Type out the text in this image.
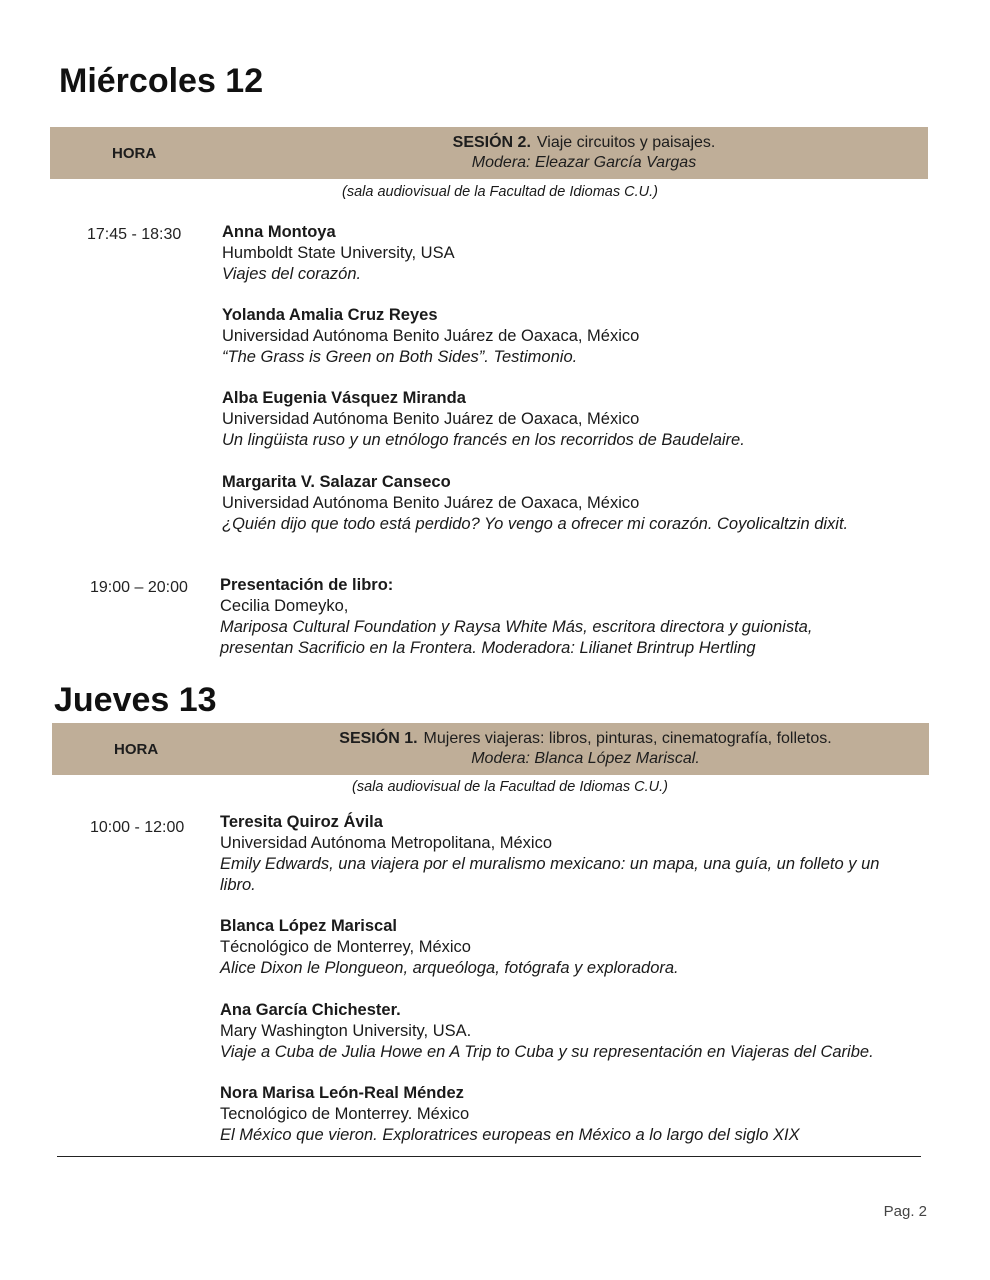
Miércoles 12
HORA
SESIÓN 2. Viaje circuitos y paisajes.
Modera: Eleazar García Vargas
(sala audiovisual de la Facultad de Idiomas C.U.)
17:45 - 18:30 Anna Montoya
Humboldt State University, USA
Viajes del corazón.
Yolanda Amalia Cruz Reyes
Universidad Autónoma Benito Juárez de Oaxaca, México
“The Grass is Green on Both Sides”. Testimonio.
Alba Eugenia Vásquez Miranda
Universidad Autónoma Benito Juárez de Oaxaca, México
Un lingüista ruso y un etnólogo francés en los recorridos de Baudelaire.
Margarita V. Salazar Canseco
Universidad Autónoma Benito Juárez de Oaxaca, México
¿Quién dijo que todo está perdido? Yo vengo a ofrecer mi corazón. Coyolicaltzin dixit.
19:00 – 20:00 Presentación de libro:
Cecilia Domeyko,
Mariposa Cultural Foundation y Raysa White Más, escritora directora y guionista,
presentan Sacrificio en la Frontera. Moderadora: Lilianet Brintrup Hertling
Jueves 13
HORA
SESIÓN 1. Mujeres viajeras: libros, pinturas, cinematografía, folletos.
Modera: Blanca López Mariscal.
(sala audiovisual de la Facultad de Idiomas C.U.)
10:00 - 12:00 Teresita Quiroz Ávila
Universidad Autónoma Metropolitana, México
Emily Edwards, una viajera por el muralismo mexicano: un mapa, una guía, un folleto y un
libro.
Blanca López Mariscal
Técnológico de Monterrey, México
Alice Dixon le Plongueon, arqueóloga, fotógrafa y exploradora.
Ana García Chichester.
Mary Washington University, USA.
Viaje a Cuba de Julia Howe en A Trip to Cuba y su representación en Viajeras del Caribe.
Nora Marisa León-Real Méndez
Tecnológico de Monterrey. México
El México que vieron. Exploratrices europeas en México a lo largo del siglo XIX
Pag. 2
